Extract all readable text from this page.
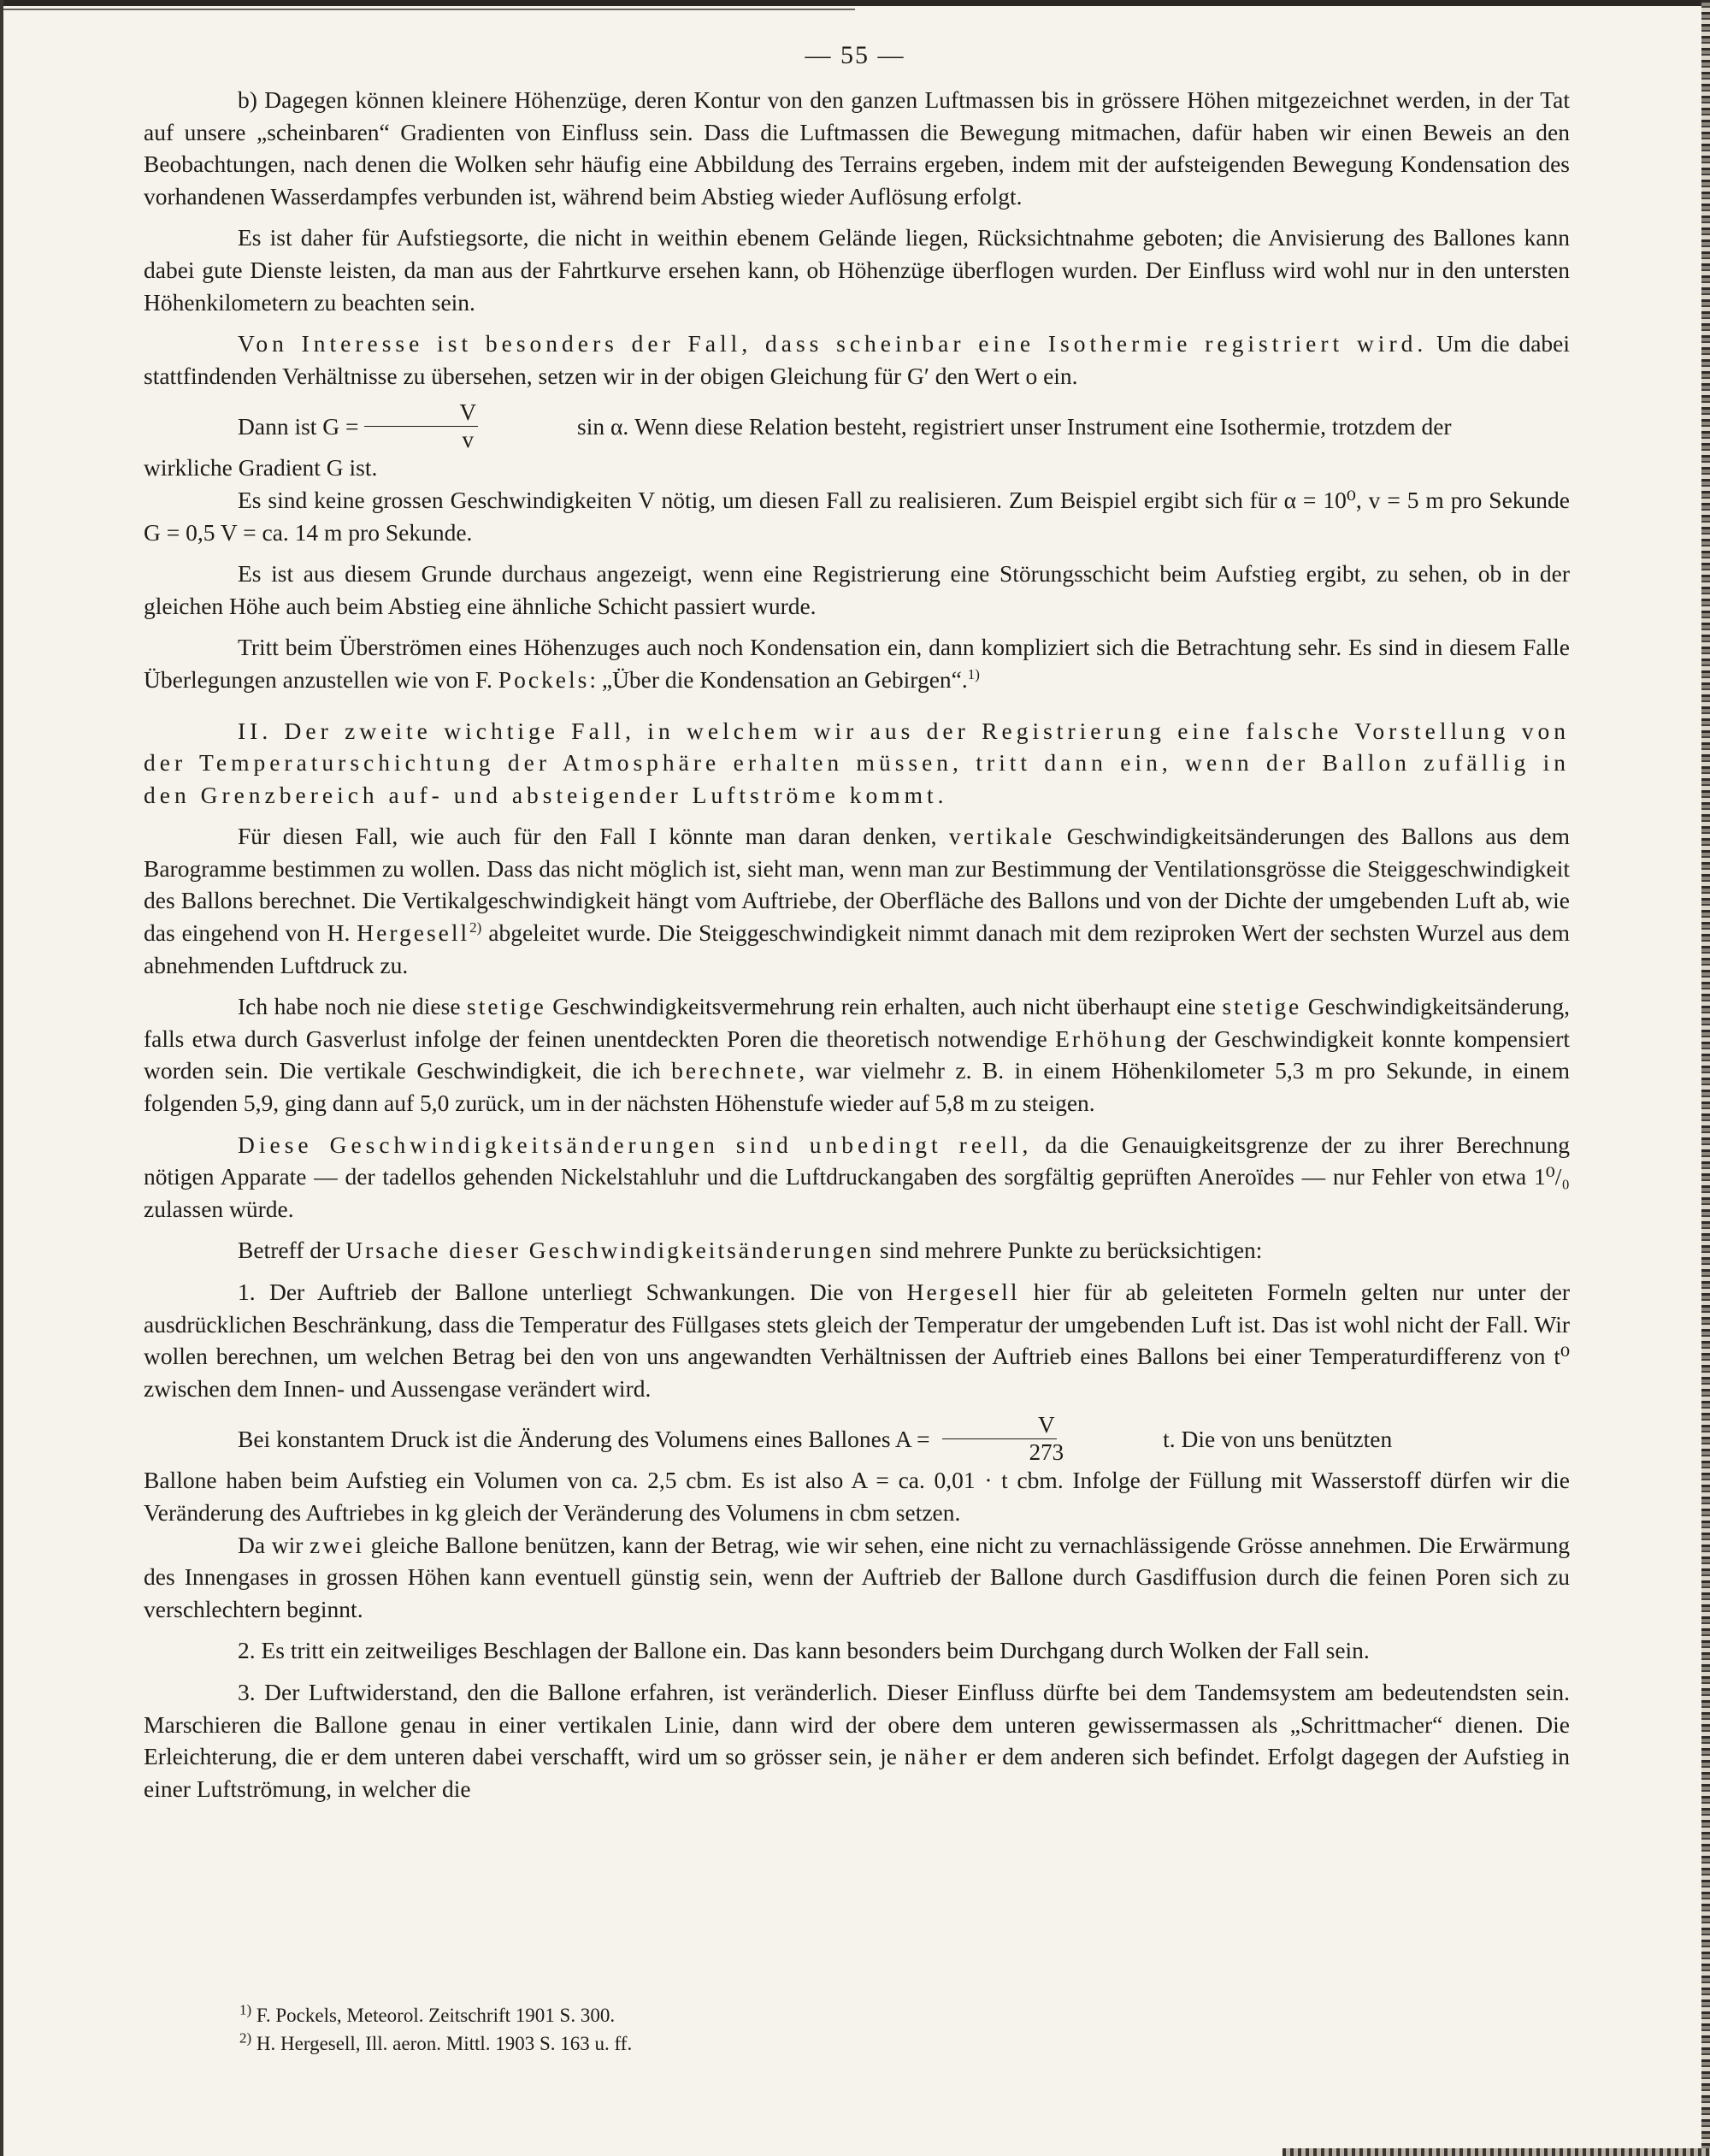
— 55 —

b) Dagegen können kleinere Höhenzüge, deren Kontur von den ganzen Luftmassen bis in grössere Höhen mitgezeichnet werden, in der Tat auf unsere „scheinbaren“ Gradienten von Einfluss sein. Dass die Luftmassen die Bewegung mitmachen, dafür haben wir einen Beweis an den Beobachtungen, nach denen die Wolken sehr häufig eine Abbildung des Terrains ergeben, indem mit der aufsteigenden Bewegung Kondensation des vorhandenen Wasserdampfes verbunden ist, während beim Abstieg wieder Auflösung erfolgt.

Es ist daher für Aufstiegsorte, die nicht in weithin ebenem Gelände liegen, Rücksichtnahme geboten; die Anvisierung des Ballones kann dabei gute Dienste leisten, da man aus der Fahrtkurve ersehen kann, ob Höhenzüge überflogen wurden. Der Einfluss wird wohl nur in den untersten Höhenkilometern zu beachten sein.

Von Interesse ist besonders der Fall, dass scheinbar eine Isothermie registriert wird. Um die dabei stattfindenden Verhältnisse zu übersehen, setzen wir in der obigen Gleichung für G′ den Wert o ein.

Dann ist $G = \frac{V}{v}$	sin α. Wenn diese Relation besteht, registriert unser Instrument eine Isothermie, trotzdem der

wirkliche Gradient G ist.

Es sind keine grossen Geschwindigkeiten V nötig, um diesen Fall zu realisieren. Zum Beispiel ergibt sich für α = 10⁰, v = 5 m pro Sekunde G = 0,5 V = ca. 14 m pro Sekunde.

Es ist aus diesem Grunde durchaus angezeigt, wenn eine Registrierung eine Störungsschicht beim Aufstieg ergibt, zu sehen, ob in der gleichen Höhe auch beim Abstieg eine ähnliche Schicht passiert wurde.

Tritt beim Überströmen eines Höhenzuges auch noch Kondensation ein, dann kompliziert sich die Betrachtung sehr. Es sind in diesem Falle Überlegungen anzustellen wie von F. Pockels: „Über die Kondensation an Gebirgen“.$^{1)}$

II. Der zweite wichtige Fall, in welchem wir aus der Registrierung eine falsche Vorstellung von der Temperaturschichtung der Atmosphäre erhalten müssen, tritt dann ein, wenn der Ballon zufällig in den Grenzbereich auf- und absteigender Luftströme kommt.

Für diesen Fall, wie auch für den Fall I könnte man daran denken, vertikale Geschwindigkeitsänderungen des Ballons aus dem Barogramme bestimmen zu wollen. Dass das nicht möglich ist, sieht man, wenn man zur Bestimmung der Ventilationsgrösse die Steiggeschwindigkeit des Ballons berechnet. Die Vertikalgeschwindigkeit hängt vom Auftriebe, der Oberfläche des Ballons und von der Dichte der umgebenden Luft ab, wie das eingehend von H. Hergesell$^{2)}$ abgeleitet wurde. Die Steiggeschwindigkeit nimmt danach mit dem reziproken Wert der sechsten Wurzel aus dem abnehmenden Luftdruck zu.

Ich habe noch nie diese stetige Geschwindigkeitsvermehrung rein erhalten, auch nicht überhaupt eine stetige Geschwindigkeitsänderung, falls etwa durch Gasverlust infolge der feinen unentdeckten Poren die theoretisch notwendige Erhöhung der Geschwindigkeit konnte kompensiert worden sein. Die vertikale Geschwindigkeit, die ich berechnete, war vielmehr z. B. in einem Höhenkilometer 5,3 m pro Sekunde, in einem folgenden 5,9, ging dann auf 5,0 zurück, um in der nächsten Höhenstufe wieder auf 5,8 m zu steigen.

Diese Geschwindigkeitsänderungen sind unbedingt reell, da die Genauigkeitsgrenze der zu ihrer Berechnung nötigen Apparate — der tadellos gehenden Nickelstahluhr und die Luftdruckangaben des sorgfältig geprüften Aneroïdes — nur Fehler von etwa 1⁰/₀ zulassen würde.

Betreff der Ursache dieser Geschwindigkeitsänderungen sind mehrere Punkte zu berücksichtigen:

1. Der Auftrieb der Ballone unterliegt Schwankungen. Die von Hergesell hier für ab geleiteten Formeln gelten nur unter der ausdrücklichen Beschränkung, dass die Temperatur des Füllgases stets gleich der Temperatur der umgebenden Luft ist. Das ist wohl nicht der Fall. Wir wollen berechnen, um welchen Betrag bei den von uns angewandten Verhältnissen der Auftrieb eines Ballons bei einer Temperaturdifferenz von t⁰ zwischen dem Innen- und Aussengase verändert wird.

Bei konstantem Druck ist die Änderung des Volumens eines Ballones $A = \frac{V}{273}$	t. Die von uns benützten

Ballone haben beim Aufstieg ein Volumen von ca. 2,5 cbm. Es ist also A = ca. 0,01 · t cbm. Infolge der Füllung mit Wasserstoff dürfen wir die Veränderung des Auftriebes in kg gleich der Veränderung des Volumens in cbm setzen.

Da wir zwei gleiche Ballone benützen, kann der Betrag, wie wir sehen, eine nicht zu vernachlässigende Grösse annehmen. Die Erwärmung des Innengases in grossen Höhen kann eventuell günstig sein, wenn der Auftrieb der Ballone durch Gasdiffusion durch die feinen Poren sich zu verschlechtern beginnt.

2. Es tritt ein zeitweiliges Beschlagen der Ballone ein. Das kann besonders beim Durchgang durch Wolken der Fall sein.

3. Der Luftwiderstand, den die Ballone erfahren, ist veränderlich. Dieser Einfluss dürfte bei dem Tandemsystem am bedeutendsten sein. Marschieren die Ballone genau in einer vertikalen Linie, dann wird der obere dem unteren gewissermassen als „Schrittmacher“ dienen. Die Erleichterung, die er dem unteren dabei verschafft, wird um so grösser sein, je näher er dem anderen sich befindet. Erfolgt dagegen der Aufstieg in einer Luftströmung, in welcher die

$^{1)}$ F. Pockels, Meteorol. Zeitschrift 1901 S. 300.
$^{2)}$ H. Hergesell, Ill. aeron. Mittl. 1903 S. 163 u. ff.
